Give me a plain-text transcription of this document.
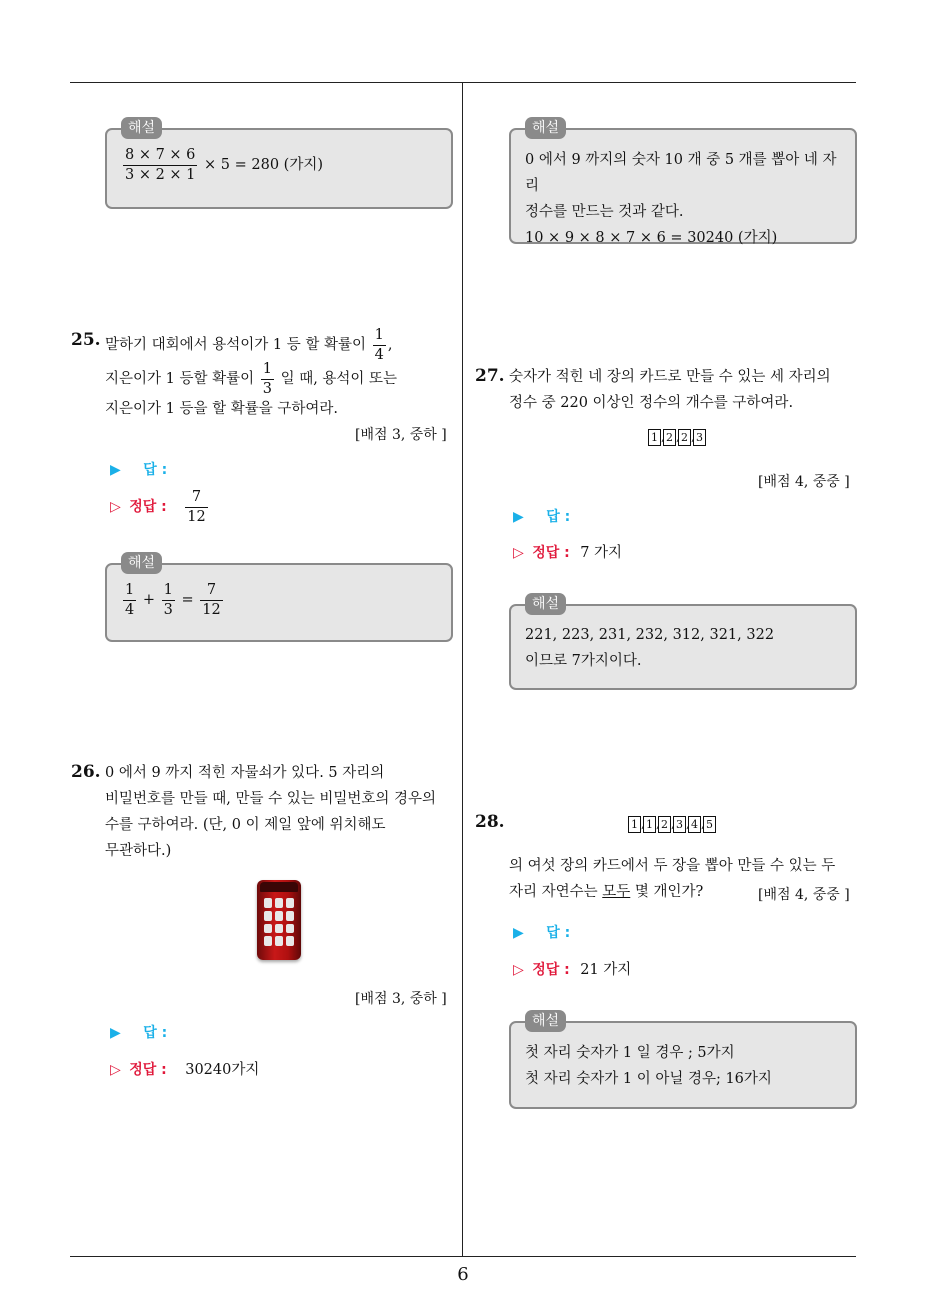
6
해설
$\frac{8 \times 7 \times 6}{3 \times 2 \times 1} \times 5 = 280$ (가지)
25. 말하기 대회에서 용석이가 1 등 할 확률이 $\frac{1}{4}$ ,
지은이가 1 등할 확률이 $\frac{1}{3}$ 일 때, 용석이 또는
지은이가 1 등을 할 확률을 구하여라.
[배점 3, 중하 ]
▶ 답 :
▷ 정답 : $\frac{7}{12}$
해설
$\frac{1}{4} + \frac{1}{3} = \frac{7}{12}$
26. 0 에서 9 까지 적힌 자물쇠가 있다. 5 자리의
비밀번호를 만들 때, 만들 수 있는 비밀번호의 경우의
수를 구하여라. (단, 0 이 제일 앞에 위치해도
무관하다.)
[배점 3, 중하 ]
▶ 답 :
▷ 정답 : 30240가지
해설
0 에서 9 까지의 숫자 10 개 중 5 개를 뽑아 네 자리
정수를 만드는 것과 같다.
10 × 9 × 8 × 7 × 6 = 30240 (가지)
27. 숫자가 적힌 네 장의 카드로 만들 수 있는 세 자리의
정수 중 220 이상인 정수의 개수를 구하여라.
1 , 2 , 2 , 3
[배점 4, 중중 ]
▶ 답 :
▷ 정답 : 7 가지
해설
221, 223, 231, 232, 312, 321, 322
이므로 7가지이다.
28.	1 , 1 , 2 , 3 , 4 , 5
의 여섯 장의 카드에서 두 장을 뽑아 만들 수 있는 두
자리 자연수는 모두 몇 개인가?	[배점 4, 중중 ]
▶ 답 :
▷ 정답 : 21 가지
해설
첫 자리 숫자가 1 일 경우 ; 5가지
첫 자리 숫자가 1 이 아닐 경우; 16가지
